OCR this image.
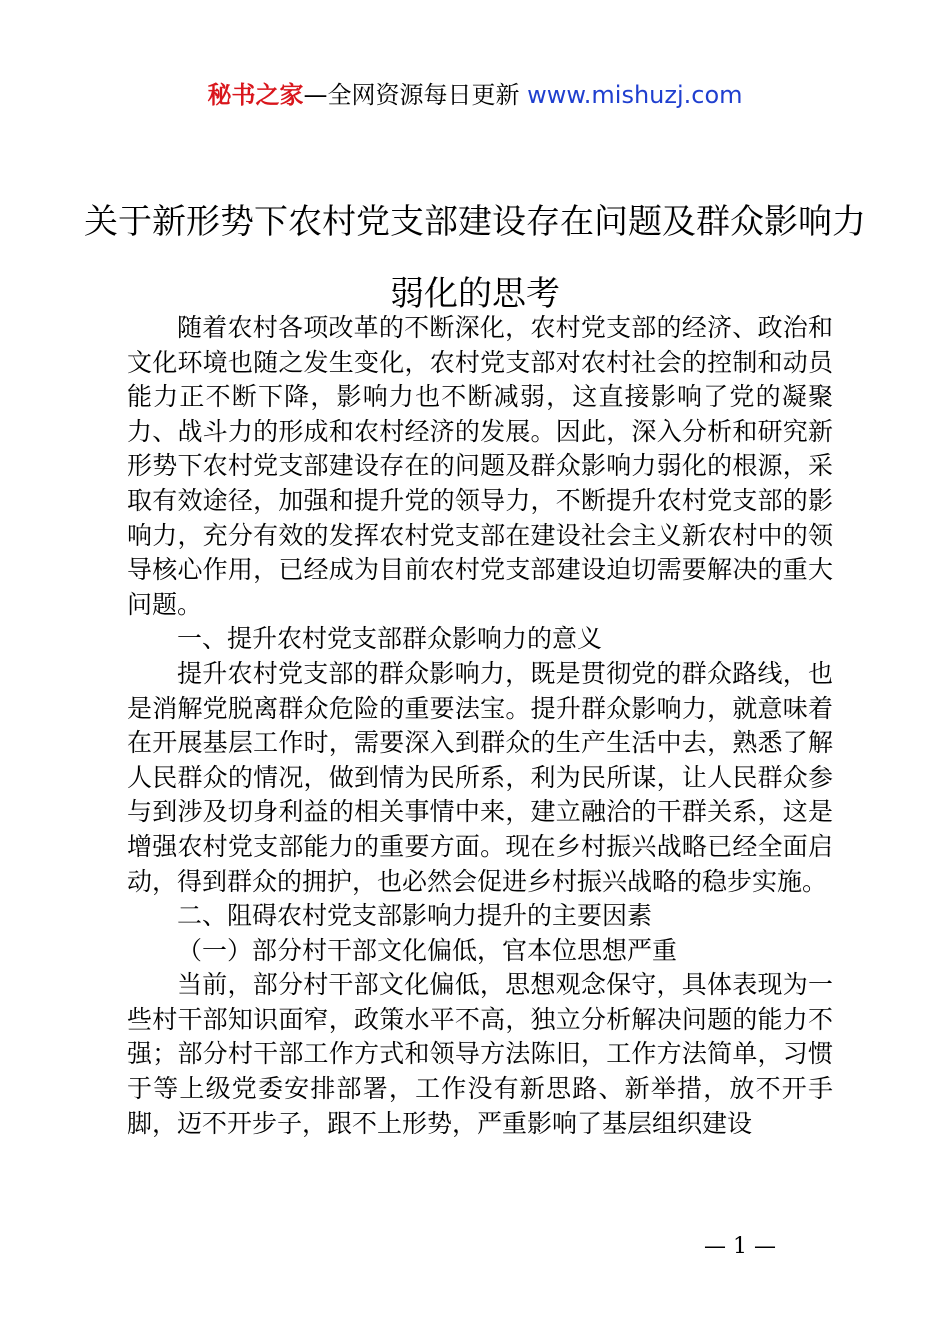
秘书之家—全网资源每日更新 www.mishuzj.com
关于新形势下农村党支部建设存在问题及群众影响力弱化的思考

随着农村各项改革的不断深化，农村党支部的经济、政治和文化环境也随之发生变化，农村党支部对农村社会的控制和动员能力正不断下降，影响力也不断减弱，这直接影响了党的凝聚力、战斗力的形成和农村经济的发展。因此，深入分析和研究新形势下农村党支部建设存在的问题及群众影响力弱化的根源，采取有效途径，加强和提升党的领导力，不断提升农村党支部的影响力，充分有效的发挥农村党支部在建设社会主义新农村中的领导核心作用，已经成为目前农村党支部建设迫切需要解决的重大问题。

一、提升农村党支部群众影响力的意义

提升农村党支部的群众影响力，既是贯彻党的群众路线，也是消解党脱离群众危险的重要法宝。提升群众影响力，就意味着在开展基层工作时，需要深入到群众的生产生活中去，熟悉了解人民群众的情况，做到情为民所系，利为民所谋，让人民群众参与到涉及切身利益的相关事情中来，建立融洽的干群关系，这是增强农村党支部能力的重要方面。现在乡村振兴战略已经全面启动，得到群众的拥护，也必然会促进乡村振兴战略的稳步实施。

二、阻碍农村党支部影响力提升的主要因素

（一）部分村干部文化偏低，官本位思想严重

当前，部分村干部文化偏低，思想观念保守，具体表现为一些村干部知识面窄，政策水平不高，独立分析解决问题的能力不强；部分村干部工作方式和领导方法陈旧，工作方法简单，习惯于等上级党委安排部署，工作没有新思路、新举措，放不开手脚，迈不开步子，跟不上形势，严重影响了基层组织建设

— 1 —
